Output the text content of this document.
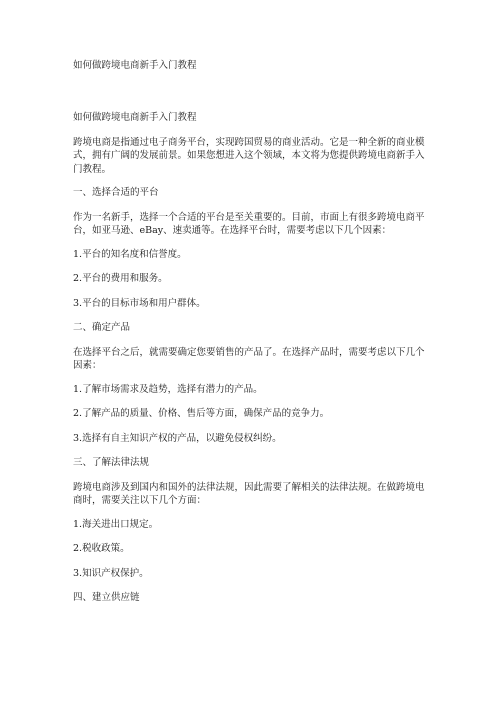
如何做跨境电商新手入门教程

如何做跨境电商新手入门教程

跨境电商是指通过电子商务平台，实现跨国贸易的商业活动。它是一种全新的商业模式，拥有广阔的发展前景。如果您想进入这个领域，本文将为您提供跨境电商新手入门教程。

一、选择合适的平台

作为一名新手，选择一个合适的平台是至关重要的。目前，市面上有很多跨境电商平台，如亚马逊、eBay、速卖通等。在选择平台时，需要考虑以下几个因素：

1.平台的知名度和信誉度。

2.平台的费用和服务。

3.平台的目标市场和用户群体。

二、确定产品

在选择平台之后，就需要确定您要销售的产品了。在选择产品时，需要考虑以下几个因素：

1.了解市场需求及趋势，选择有潜力的产品。

2.了解产品的质量、价格、售后等方面，确保产品的竞争力。

3.选择有自主知识产权的产品，以避免侵权纠纷。

三、了解法律法规

跨境电商涉及到国内和国外的法律法规，因此需要了解相关的法律法规。在做跨境电商时，需要关注以下几个方面：

1.海关进出口规定。

2.税收政策。

3.知识产权保护。

四、建立供应链
